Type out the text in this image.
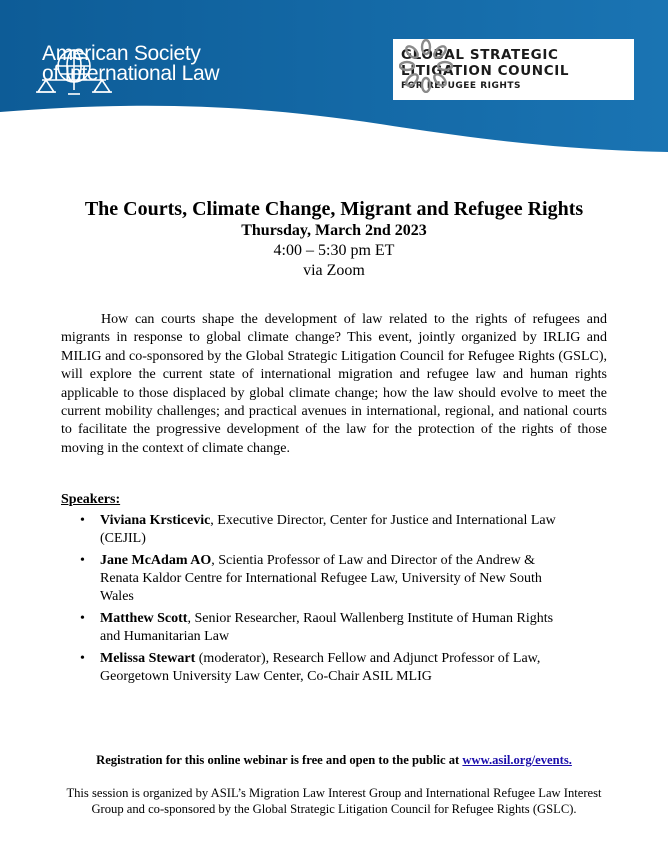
American Society
of International Law
GLOBAL STRATEGIC
LITIGATION COUNCIL
FOR REFUGEE RIGHTS
The Courts, Climate Change, Migrant and Refugee Rights
Thursday, March 2nd 2023
4:00 – 5:30 pm ET
via Zoom

How can courts shape the development of law related to the rights of refugees and migrants in response to global climate change? This event, jointly organized by IRLIG and MILIG and co-sponsored by the Global Strategic Litigation Council for Refugee Rights (GSLC), will explore the current state of international migration and refugee law and human rights applicable to those displaced by global climate change; how the law should evolve to meet the current mobility challenges; and practical avenues in international, regional, and national courts to facilitate the progressive development of the law for the protection of the rights of those moving in the context of climate change.

Speakers:
• Viviana Krsticevic, Executive Director, Center for Justice and International Law (CEJIL)
• Jane McAdam AO, Scientia Professor of Law and Director of the Andrew & Renata Kaldor Centre for International Refugee Law, University of New South Wales
• Matthew Scott, Senior Researcher, Raoul Wallenberg Institute of Human Rights and Humanitarian Law
• Melissa Stewart (moderator), Research Fellow and Adjunct Professor of Law, Georgetown University Law Center, Co-Chair ASIL MLIG
Registration for this online webinar is free and open to the public at www.asil.org/events.
This session is organized by ASIL’s Migration Law Interest Group and International Refugee Law Interest Group and co-sponsored by the Global Strategic Litigation Council for Refugee Rights (GSLC).
